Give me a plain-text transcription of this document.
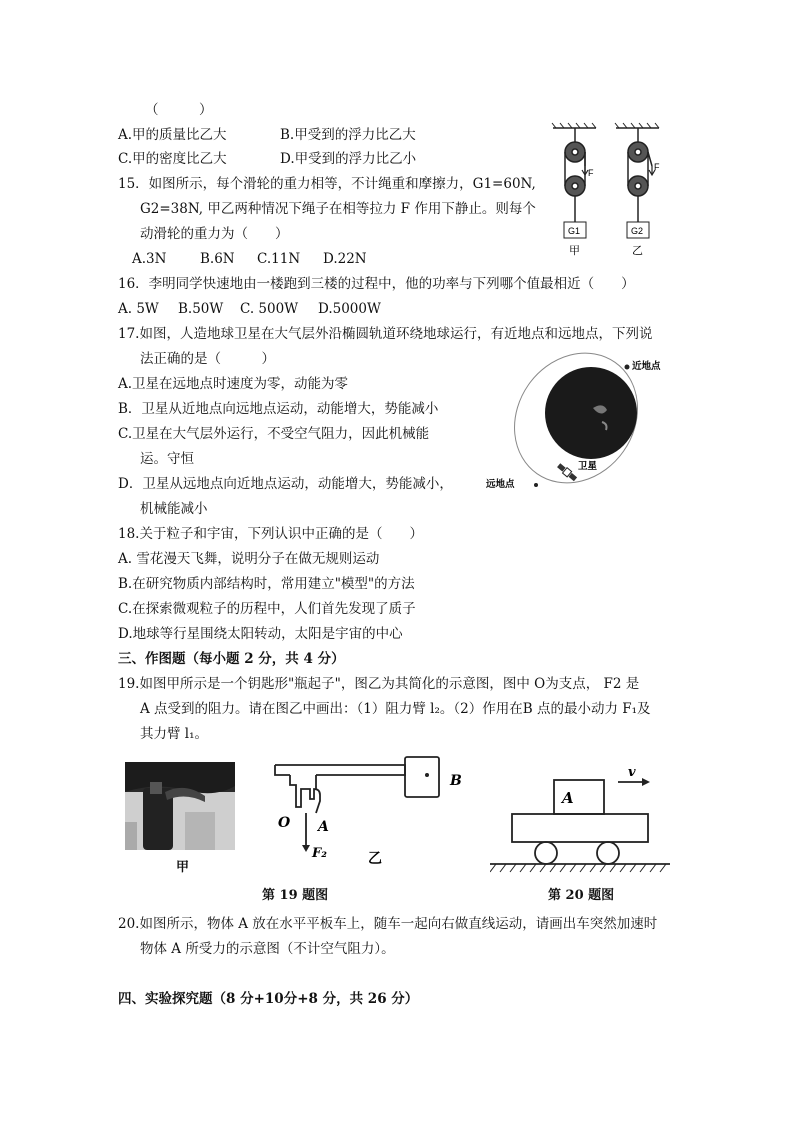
（　　　）
A.甲的质量比乙大	B.甲受到的浮力比乙大
C.甲的密度比乙大	D.甲受到的浮力比乙小
15．如图所示，每个滑轮的重力相等，不计绳重和摩擦力，G1=60N,
G2=38N, 甲乙两种情况下绳子在相等拉力 F 作用下静止。则每个
动滑轮的重力为（　　）
A.3N B.6N C.11N D.22N
16．李明同学快速地由一楼跑到三楼的过程中，他的功率与下列哪个值最相近（　　）
A. 5W B.50W C. 500W D.5000W
17.如图，人造地球卫星在大气层外沿椭圆轨道环绕地球运行，有近地点和远地点，下列说
法正确的是（　　　）
A.卫星在远地点时速度为零，动能为零
B．卫星从近地点向远地点运动，动能增大，势能减小
C.卫星在大气层外运行，不受空气阻力，因此机械能
运。守恒
D．卫星从远地点向近地点运动，动能增大，势能减小，
机械能减小
18.关于粒子和宇宙，下列认识中正确的是（　　）
A. 雪花漫天飞舞，说明分子在做无规则运动
B.在研究物质内部结构时，常用建立"模型"的方法
C.在探索微观粒子的历程中，人们首先发现了质子
D.地球等行星围绕太阳转动，太阳是宇宙的中心
三、作图题（每小题 2 分，共 4 分）
19.如图甲所示是一个钥匙形"瓶起子"，图乙为其简化的示意图，图中 O为支点， F2 是
A 点受到的阻力。请在图乙中画出：（1）阻力臂 l₂。（2）作用在B 点的最小动力 F₁及
其力臂 l₁。
20.如图所示，物体 A 放在水平平板车上，随车一起向右做直线运动，请画出车突然加速时
物体 A 所受力的示意图（不计空气阻力）。
四、实验探究题（8 分+10分+8 分，共 26 分）
F
F
G1	G2
甲	乙
近地点
远地点
卫星
甲
B
O A
F₂	乙
第 19 题图
A
v
第 20 题图
